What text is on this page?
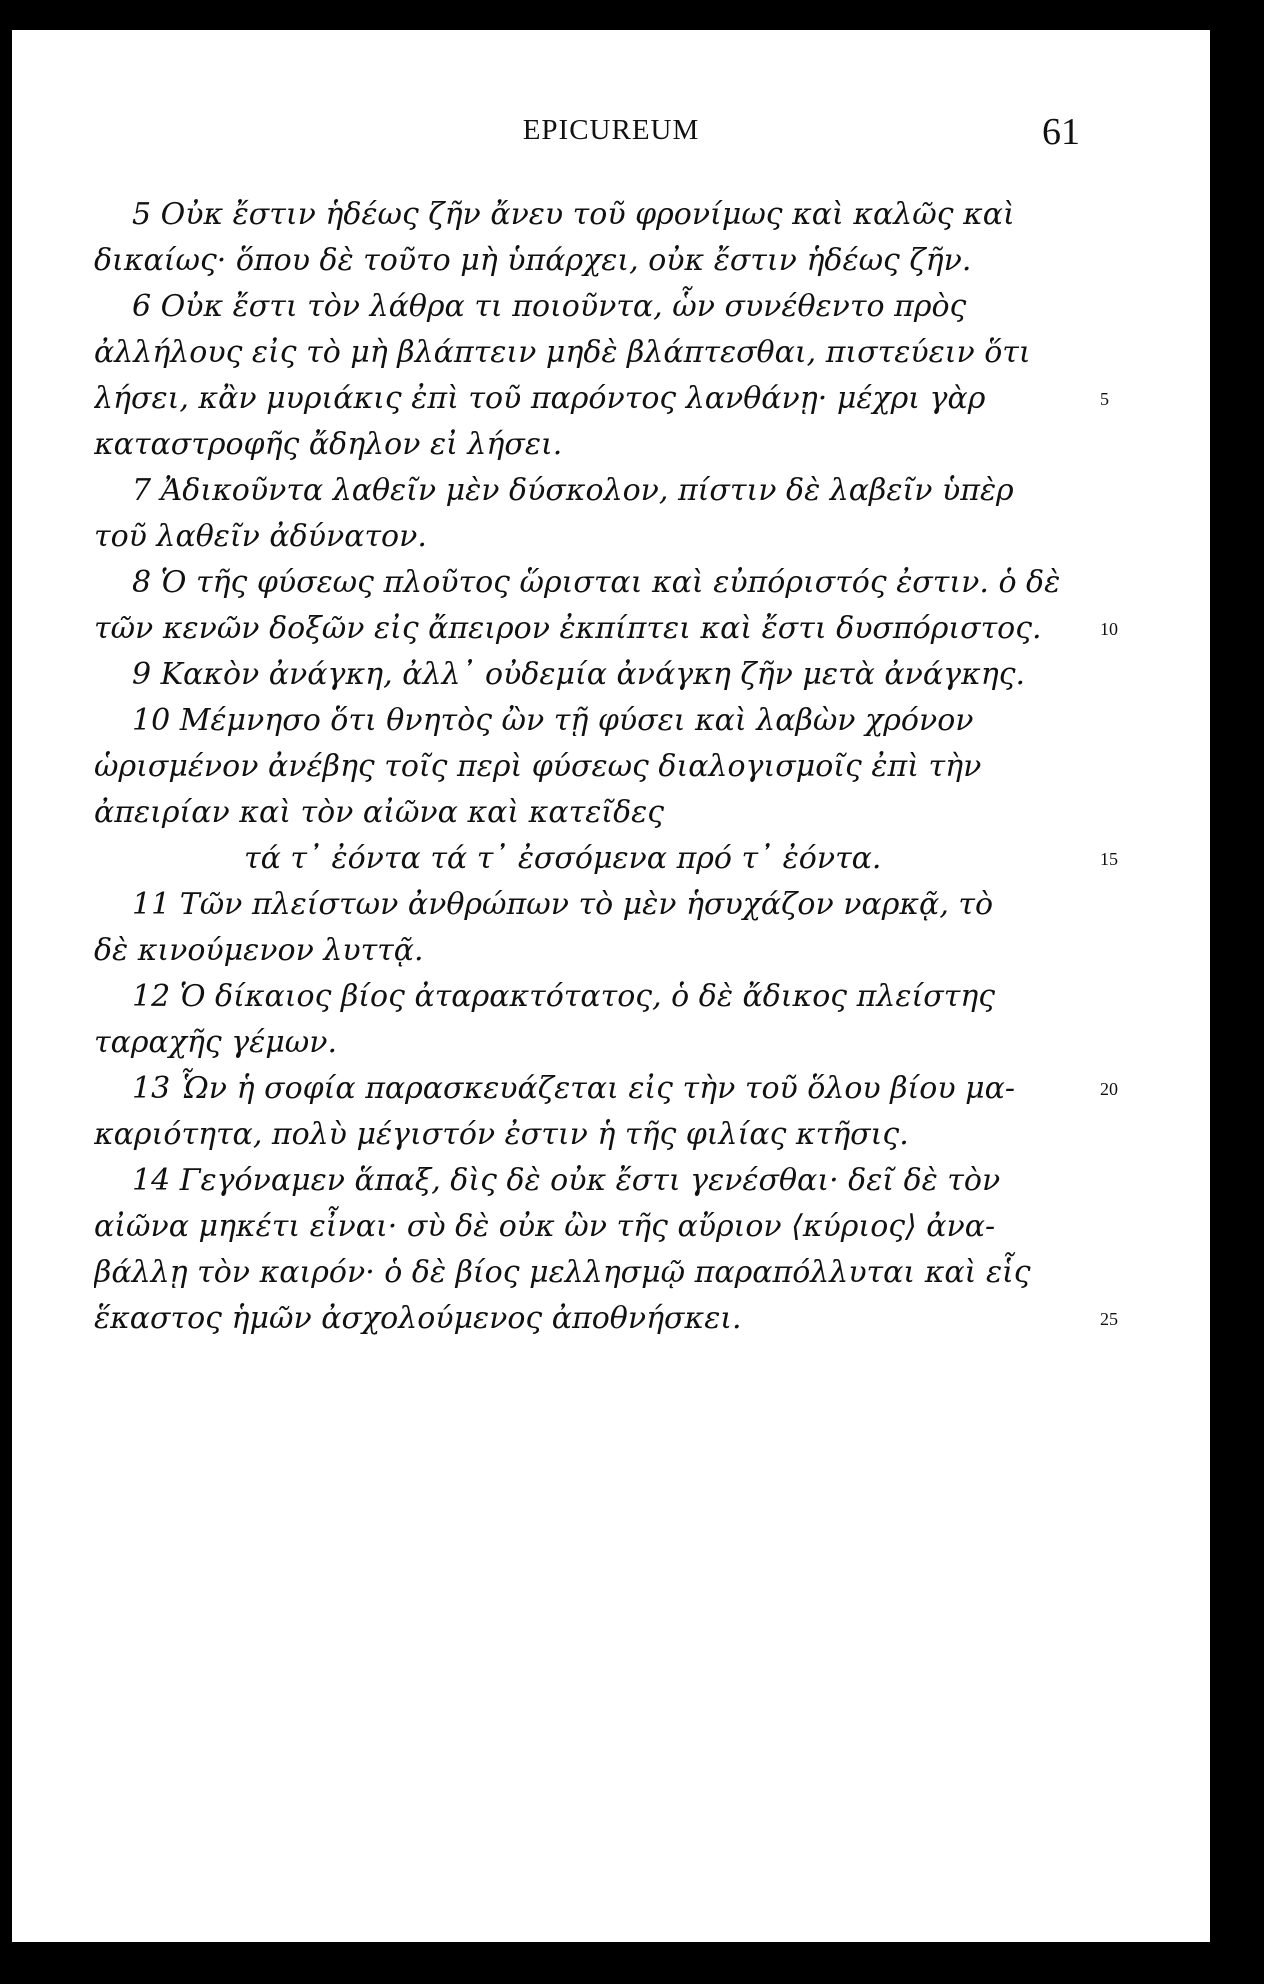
EPICUREUM	61
5 Οὐκ ἔστιν ἡδέως ζῆν ἄνευ τοῦ φρονίμως καὶ καλῶς καὶ
δικαίως· ὅπου δὲ τοῦτο μὴ ὑπάρχει, οὐκ ἔστιν ἡδέως ζῆν.
6 Οὐκ ἔστι τὸν λάθρα τι ποιοῦντα, ὧν συνέθεντο πρὸς
ἀλλήλους εἰς τὸ μὴ βλάπτειν μηδὲ βλάπτεσθαι, πιστεύειν ὅτι
λήσει, κἂν μυριάκις ἐπὶ τοῦ παρόντος λανθάνῃ· μέχρι γὰρ
καταστροφῆς ἄδηλον εἰ λήσει.
7 Ἀδικοῦντα λαθεῖν μὲν δύσκολον, πίστιν δὲ λαβεῖν ὑπὲρ
τοῦ λαθεῖν ἀδύνατον.
8 Ὁ τῆς φύσεως πλοῦτος ὥρισται καὶ εὐπόριστός ἐστιν. ὁ δὲ
τῶν κενῶν δοξῶν εἰς ἄπειρον ἐκπίπτει καὶ ἔστι δυσπόριστος.
9 Κακὸν ἀνάγκη, ἀλλ᾽ οὐδεμία ἀνάγκη ζῆν μετὰ ἀνάγκης.
10 Μέμνησο ὅτι θνητὸς ὢν τῇ φύσει καὶ λαβὼν χρόνον
ὡρισμένον ἀνέβης τοῖς περὶ φύσεως διαλογισμοῖς ἐπὶ τὴν
ἀπειρίαν καὶ τὸν αἰῶνα καὶ κατεῖδες
τά τ᾽ ἐόντα τά τ᾽ ἐσσόμενα πρό τ᾽ ἐόντα.
11 Τῶν πλείστων ἀνθρώπων τὸ μὲν ἡσυχάζον ναρκᾷ, τὸ
δὲ κινούμενον λυττᾷ.
12 Ὁ δίκαιος βίος ἀταρακτότατος, ὁ δὲ ἄδικος πλείστης
ταραχῆς γέμων.
13 Ὧν ἡ σοφία παρασκευάζεται εἰς τὴν τοῦ ὅλου βίου μα-
καριότητα, πολὺ μέγιστόν ἐστιν ἡ τῆς φιλίας κτῆσις.
14 Γεγόναμεν ἅπαξ, δὶς δὲ οὐκ ἔστι γενέσθαι· δεῖ δὲ τὸν
αἰῶνα μηκέτι εἶναι· σὺ δὲ οὐκ ὢν τῆς αὔριον ⟨κύριος⟩ ἀνα-
βάλλῃ τὸν καιρόν· ὁ δὲ βίος μελλησμῷ παραπόλλυται καὶ εἷς
ἕκαστος ἡμῶν ἀσχολούμενος ἀποθνήσκει.
5
10
15
20
25
